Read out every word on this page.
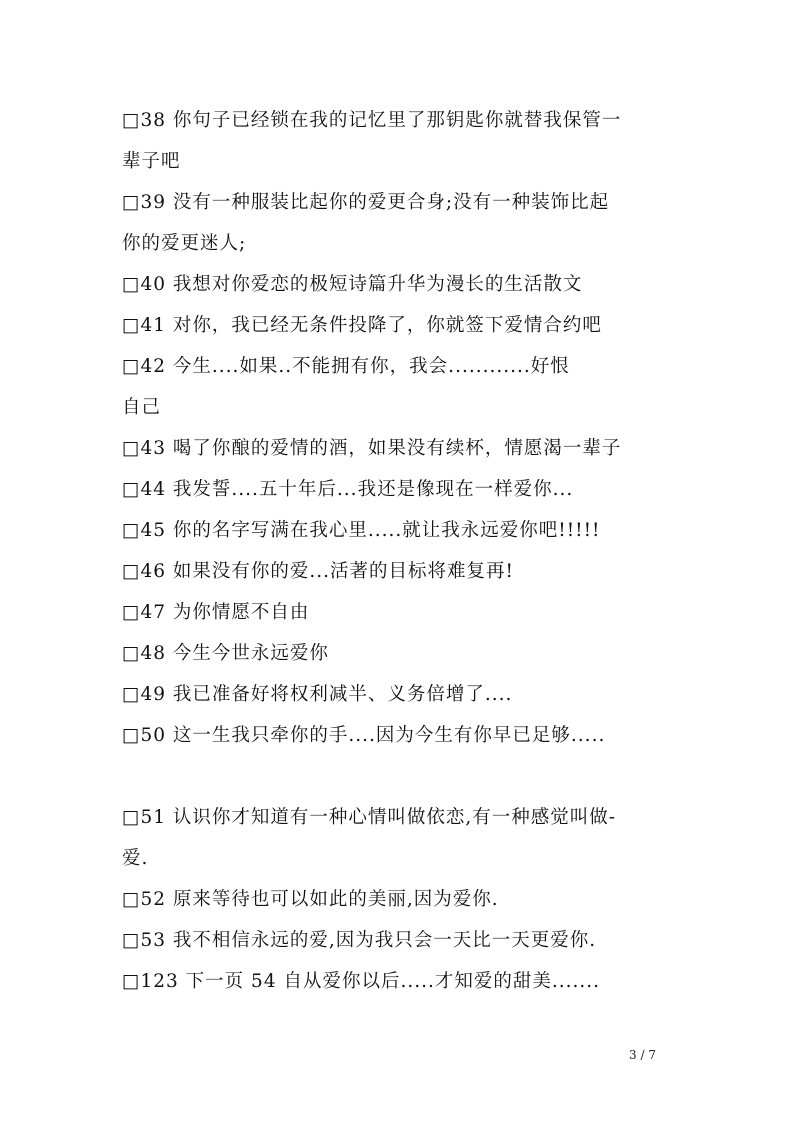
□38 你句子已经锁在我的记忆里了那钥匙你就替我保管一
辈子吧
□39 没有一种服装比起你的爱更合身;没有一种装饰比起
你的爱更迷人;
□40 我想对你爱恋的极短诗篇升华为漫长的生活散文
□41 对你，我已经无条件投降了，你就签下爱情合约吧
□42 今生....如果..不能拥有你，我会............好恨
自己
□43 喝了你酿的爱情的酒，如果没有续杯，情愿渴一辈子
□44 我发誓....五十年后...我还是像现在一样爱你...
□45 你的名字写满在我心里.....就让我永远爱你吧!!!!!
□46 如果没有你的爱...活著的目标将难复再!
□47 为你情愿不自由
□48 今生今世永远爱你
□49 我已准备好将权利减半、义务倍增了....
□50 这一生我只牵你的手....因为今生有你早已足够.....
□51 认识你才知道有一种心情叫做依恋,有一种感觉叫做-
爱.
□52 原来等待也可以如此的美丽,因为爱你.
□53 我不相信永远的爱,因为我只会一天比一天更爱你.
□123 下一页 54 自从爱你以后.....才知爱的甜美.......
3 / 7
